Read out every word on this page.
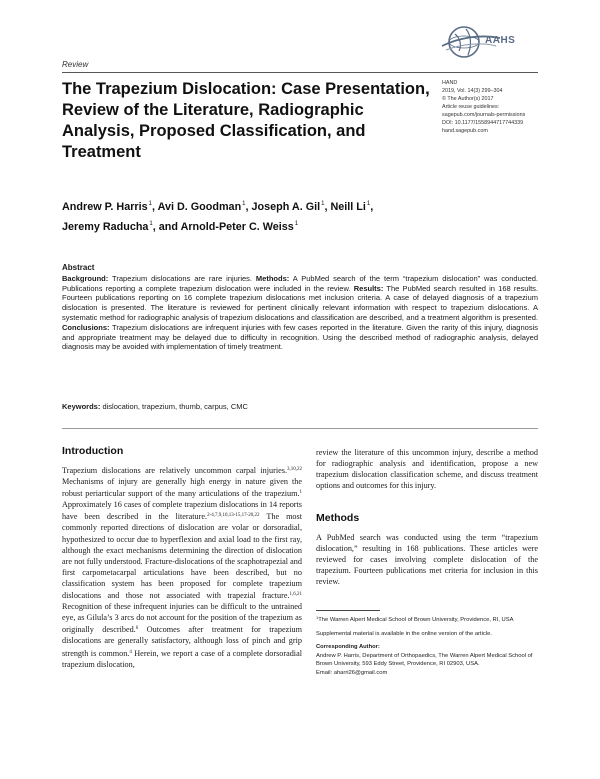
Review
AAHS
HAND
2019, Vol. 14(3) 299–304
© The Author(s) 2017
Article reuse guidelines:
sagepub.com/journals-permissions
DOI: 10.1177/1558944717744339
hand.sagepub.com
The Trapezium Dislocation: Case Presentation, Review of the Literature, Radiographic Analysis, Proposed Classification, and Treatment
Andrew P. Harris$^1$, Avi D. Goodman$^1$, Joseph A. Gil$^1$, Neill Li$^1$,
Jeremy Raducha$^1$, and Arnold-Peter C. Weiss$^1$
Abstract
Background: Trapezium dislocations are rare injuries. Methods: A PubMed search of the term “trapezium dislocation” was conducted. Publications reporting a complete trapezium dislocation were included in the review. Results: The PubMed search resulted in 168 results. Fourteen publications reporting on 16 complete trapezium dislocations met inclusion criteria. A case of delayed diagnosis of a trapezium dislocation is presented. The literature is reviewed for pertinent clinically relevant information with respect to trapezium dislocations. A systematic method for radiographic analysis of trapezium dislocations and classification are described, and a treatment algorithm is presented. Conclusions: Trapezium dislocations are infrequent injuries with few cases reported in the literature. Given the rarity of this injury, diagnosis and appropriate treatment may be delayed due to difficulty in recognition. Using the described method of radiographic analysis, delayed diagnosis may be avoided with implementation of timely treatment.
Keywords: dislocation, trapezium, thumb, carpus, CMC
Introduction
Trapezium dislocations are relatively uncommon carpal injuries.$^{3,10,22}$ Mechanisms of injury are generally high energy in nature given the robust periarticular support of the many articulations of the trapezium.$^1$ Approximately 16 cases of complete trapezium dislocations in 14 reports have been described in the literature.$^{2-4,7,9,10,13-15,17-20,22}$ The most commonly reported directions of dislocation are volar or dorsoradial, hypothesized to occur due to hyperflexion and axial load to the first ray, although the exact mechanisms determining the direction of dislocation are not fully understood. Fracture-dislocations of the scaphotrapezial and first carpometacarpal articulations have been described, but no classification system has been proposed for complete trapezium dislocations and those not associated with trapezial fracture.$^{1,6,21}$ Recognition of these infrequent injuries can be difficult to the untrained eye, as Gilula’s 3 arcs do not account for the position of the trapezium as originally described.$^6$ Outcomes after treatment for trapezium dislocations are generally satisfactory, although loss of pinch and grip strength is common.$^4$ Herein, we report a case of a complete dorsoradial trapezium dislocation,
review the literature of this uncommon injury, describe a method for radiographic analysis and identification, propose a new trapezium dislocation classification scheme, and discuss treatment options and outcomes for this injury.
Methods
A PubMed search was conducted using the term “trapezium dislocation,” resulting in 168 publications. These articles were reviewed for cases involving complete dislocation of the trapezium. Fourteen publications met criteria for inclusion in this review.
$^1$The Warren Alpert Medical School of Brown University, Providence, RI, USA
Supplemental material is available in the online version of the article.
Corresponding Author:
Andrew P. Harris, Department of Orthopaedics, The Warren Alpert Medical School of Brown University, 593 Eddy Street, Providence, RI 02903, USA.
Email: aharri26@gmail.com
